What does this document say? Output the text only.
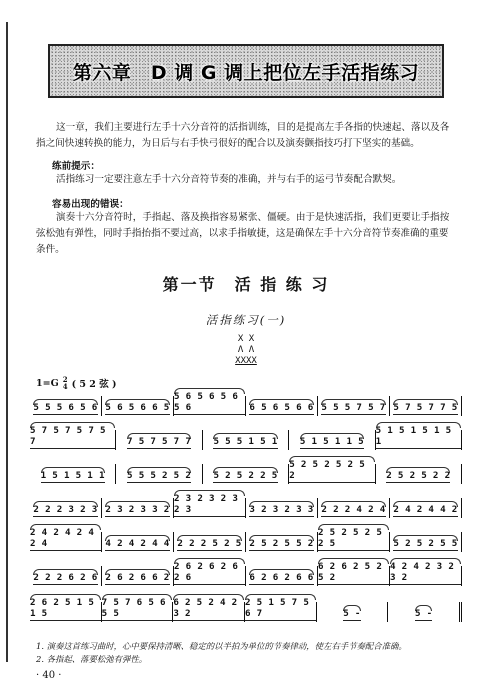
第六章　D 调 G 调上把位左手活指练习

这一章，我们主要进行左手十六分音符的活指训练，目的是提高左手各指的快速起、落以及各指之间快速转换的能力，为日后与右手快弓很好的配合以及演奏颤指技巧打下坚实的基础。

练前提示：

活指练习一定要注意左手十六分音符节奏的准确，并与右手的运弓节奏配合默契。

容易出现的错误：

演奏十六分音符时，手指起、落及换指容易紧张、僵硬。由于是快速活指，我们更要让手指按弦松弛有弹性，同时手指抬指不要过高，以求手指敏捷，这是确保左手十六分音符节奏准确的重要条件。

第一节　活 指 练 习
活指练习(一)
X X
Λ Λ
XXXX
1=G 2
4 ( 5 2 弦 )
5 5 5 6 5 6 5 6 5 6 6 5
5 6 5 6 5 6 5 6	6 5 6 5 6 6 5 5 5 7 5 7 5 7 5 7 7 5
5 7 5 7 5 7 5 7	7 5 7 5 7 7 5 5 5 1 5 1 5 1 5 1 1 5
5 1 5 1 5 1 5 1
1 5 1 5 1 1 5 5 5 2 5 2 5 2 5 2 2 5
5 2 5 2 5 2 5 2	2 5 2 5 2 2
2 2 2 3 2 3 2 3 2 3 3 2
2 3 2 3 2 3 2 3	3 2 3 2 3 3 2 2 2 4 2 4 2 4 2 4 4 2
2 4 2 4 2 4 2 4	4 2 4 2 4 4 2 2 2 5 2 5 2 5 2 5 5 2
2 5 2 5 2 5 2 5	5 2 5 2 5 5
2 2 2 6 2 6 2 6 2 6 6 2
2 6 2 6 2 6 2 6	6 2 6 2 6 6
6 2 6 2 5 2 5 2
4 2 4 2 3 2 3 2
2 6 2 5 1 5 1 5
7 5 7 6 5 6 5 5
6 2 5 2 4 2 3 2
2 5 1 5 7 5 6 7	5 -	5 -

1. 演奏这首练习曲时，心中要保持清晰、稳定的以半拍为单位的节奏律动，使左右手节奏配合准确。

2. 各指起、落要松弛有弹性。

· 40 ·
